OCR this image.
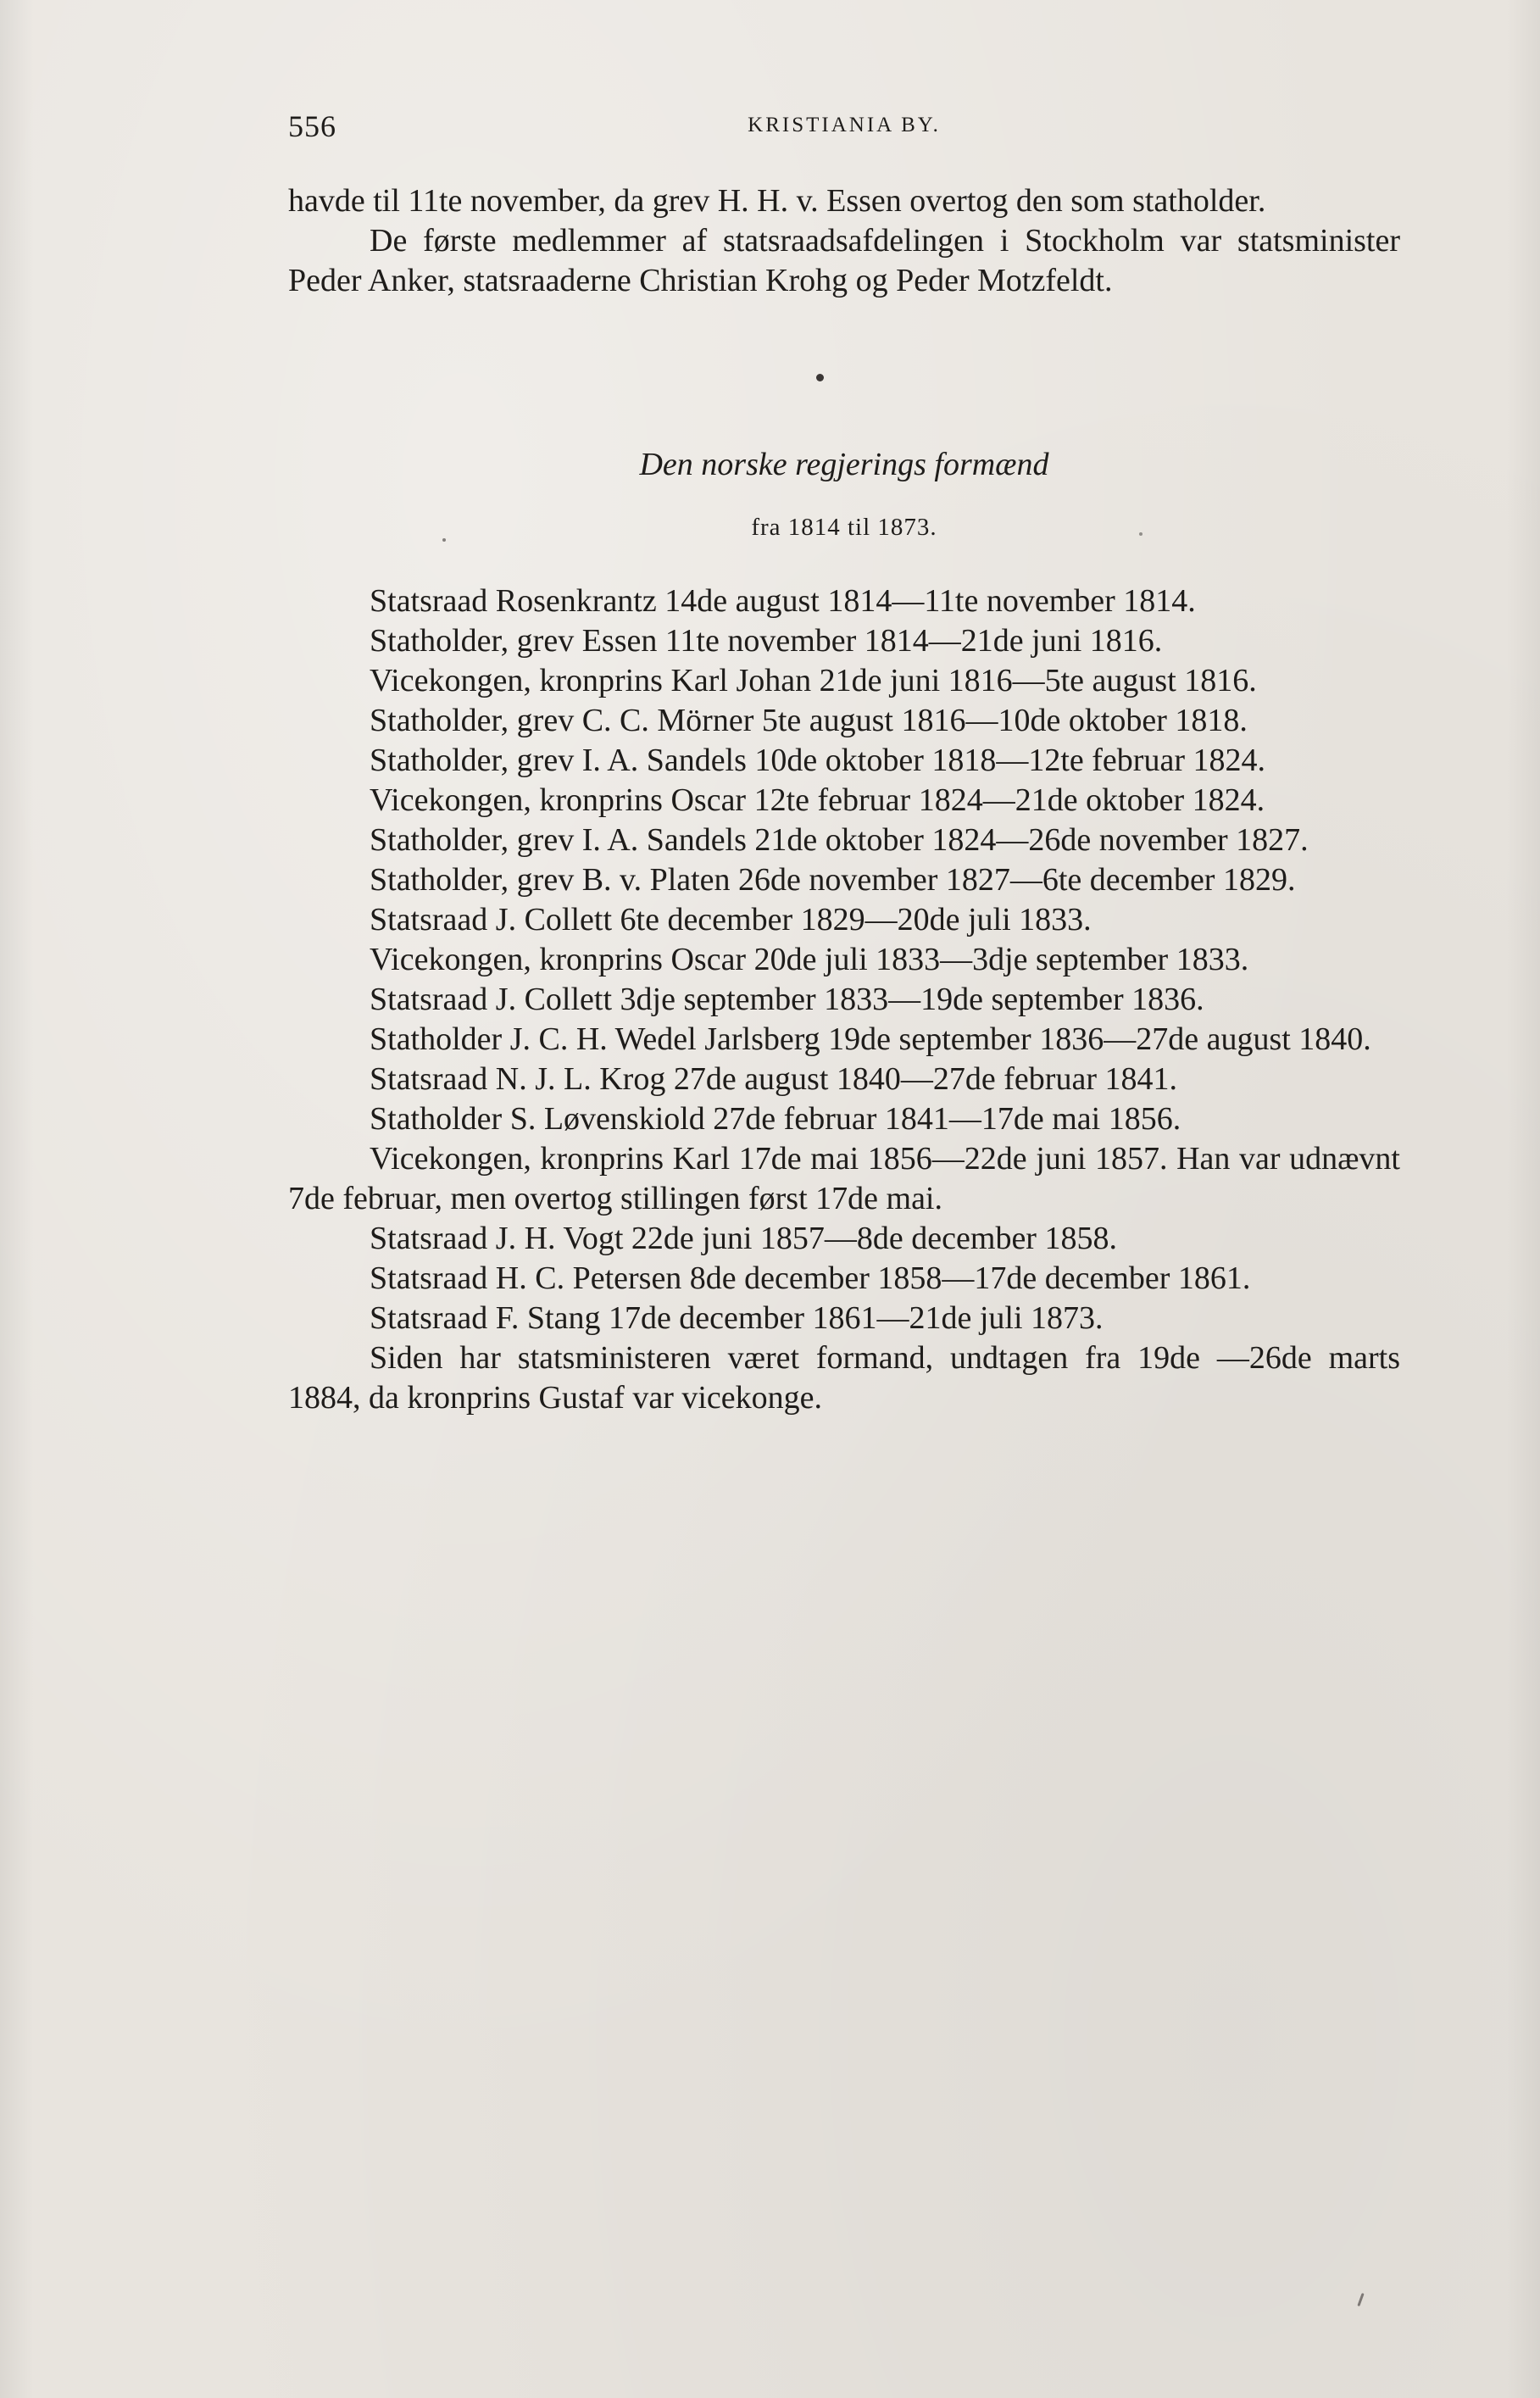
556	KRISTIANIA BY.

havde til 11te november, da grev H. H. v. Essen overtog den som statholder.

De første medlemmer af statsraadsafdelingen i Stockholm var statsminister Peder Anker, statsraaderne Christian Krohg og Peder Motzfeldt.

Den norske regjerings formænd
fra 1814 til 1873.

Statsraad Rosenkrantz 14de august 1814—11te november 1814.

Statholder, grev Essen 11te november 1814—21de juni 1816.

Vicekongen, kronprins Karl Johan 21de juni 1816—5te august 1816.

Statholder, grev C. C. Mörner 5te august 1816—10de oktober 1818.

Statholder, grev I. A. Sandels 10de oktober 1818—12te februar 1824.

Vicekongen, kronprins Oscar 12te februar 1824—21de oktober 1824.

Statholder, grev I. A. Sandels 21de oktober 1824—26de november 1827.

Statholder, grev B. v. Platen 26de november 1827—6te december 1829.

Statsraad J. Collett 6te december 1829—20de juli 1833.

Vicekongen, kronprins Oscar 20de juli 1833—3dje september 1833.

Statsraad J. Collett 3dje september 1833—19de september 1836.

Statholder J. C. H. Wedel Jarlsberg 19de september 1836—27de august 1840.

Statsraad N. J. L. Krog 27de august 1840—27de februar 1841.

Statholder S. Løvenskiold 27de februar 1841—17de mai 1856.

Vicekongen, kronprins Karl 17de mai 1856—22de juni 1857. Han var udnævnt 7de februar, men overtog stillingen først 17de mai.

Statsraad J. H. Vogt 22de juni 1857—8de december 1858.

Statsraad H. C. Petersen 8de december 1858—17de december 1861.

Statsraad F. Stang 17de december 1861—21de juli 1873.

Siden har statsministeren været formand, undtagen fra 19de —26de marts 1884, da kronprins Gustaf var vicekonge.
